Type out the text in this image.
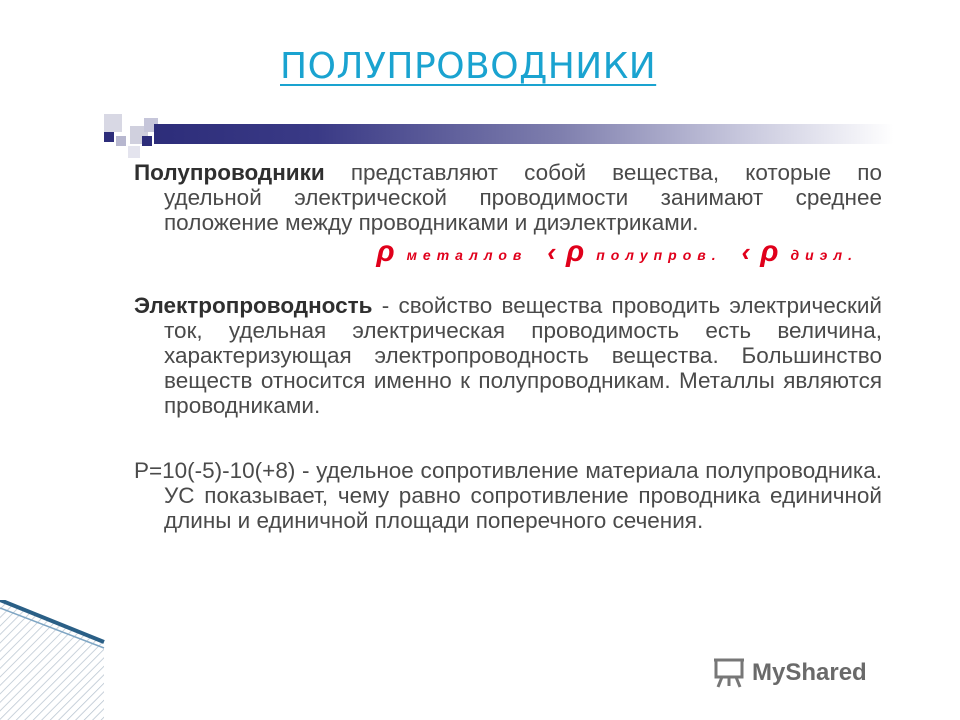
ПОЛУПРОВОДНИКИ
Полупроводники представляют собой вещества, которые по удельной электрической проводимости занимают среднее положение между проводниками и диэлектриками.
ρметаллов ‹ ρ полупров. ‹ ρ диэл.
Электропроводность - свойство вещества проводить электрический ток, удельная электрическая проводимость есть величина, характеризующая электропроводность вещества. Большинство веществ относится именно к полупроводникам. Металлы являются проводниками.
Р=10(-5)-10(+8) - удельное сопротивление материала полупроводника. УС показывает, чему равно сопротивление проводника единичной длины и единичной площади поперечного сечения.
MyShared
